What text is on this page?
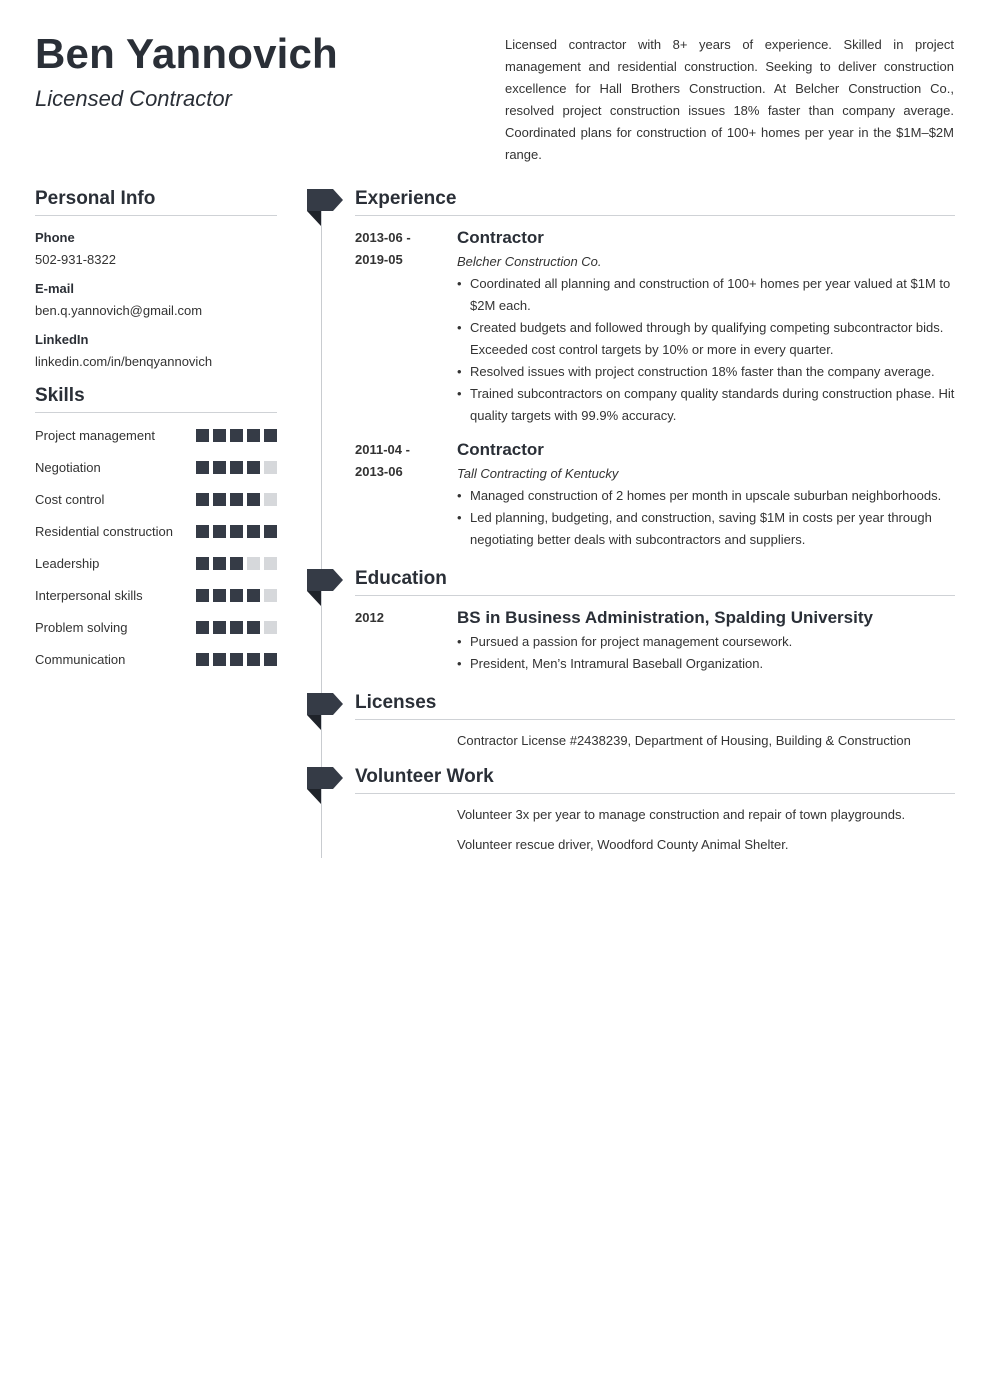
Ben Yannovich
Licensed Contractor
Licensed contractor with 8+ years of experience. Skilled in project management and residential construction. Seeking to deliver construction excellence for Hall Brothers Construction. At Belcher Construction Co., resolved project construction issues 18% faster than company average. Coordinated plans for construction of 100+ homes per year in the $1M–$2M range.
Personal Info
Phone
502-931-8322
E-mail
ben.q.yannovich@gmail.com
LinkedIn
linkedin.com/in/benqyannovich
Skills
Project management
Negotiation
Cost control
Residential construction
Leadership
Interpersonal skills
Problem solving
Communication
Experience
2013-06 -
2019-05
Contractor
Belcher Construction Co.
• Coordinated all planning and construction of 100+ homes per year valued at $1M to $2M each.
• Created budgets and followed through by qualifying competing subcontractor bids. Exceeded cost control targets by 10% or more in every quarter.
• Resolved issues with project construction 18% faster than the company average.
• Trained subcontractors on company quality standards during construction phase. Hit quality targets with 99.9% accuracy.
2011-04 -
2013-06
Contractor
Tall Contracting of Kentucky
• Managed construction of 2 homes per month in upscale suburban neighborhoods.
• Led planning, budgeting, and construction, saving $1M in costs per year through negotiating better deals with subcontractors and suppliers.
Education
2012	BS in Business Administration, Spalding University
• Pursued a passion for project management coursework.
• President, Men’s Intramural Baseball Organization.
Licenses
Contractor License #2438239, Department of Housing, Building & Construction
Volunteer Work
Volunteer 3x per year to manage construction and repair of town playgrounds.
Volunteer rescue driver, Woodford County Animal Shelter.
